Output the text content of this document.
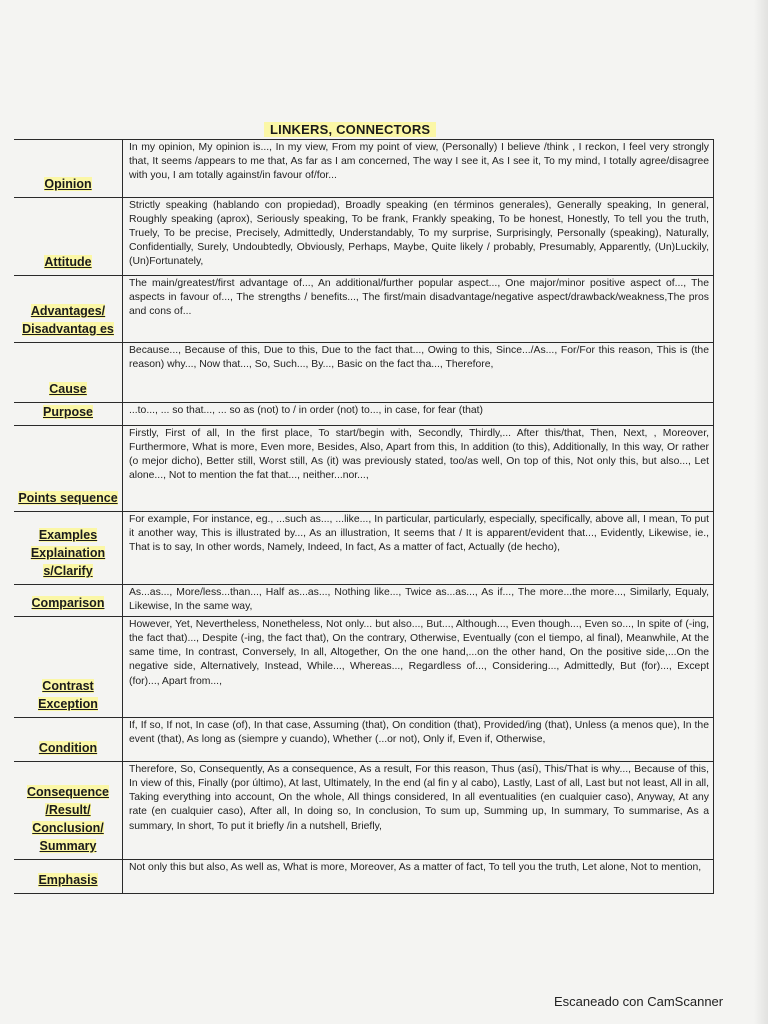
LINKERS, CONNECTORS
Opinion	In my opinion, My opinion is..., In my view, From my point of view, (Personally) I believe /think , I reckon, I feel very strongly that, It seems /appears to me that, As far as I am concerned, The way I see it, As I see it, To my mind, I totally agree/disagree with you, I am totally against/in favour of/for...
Attitude	Strictly speaking (hablando con propiedad), Broadly speaking (en términos generales), Generally speaking, In general, Roughly speaking (aprox), Seriously speaking, To be frank, Frankly speaking, To be honest, Honestly, To tell you the truth, Truely, To be precise, Precisely, Admittedly, Understandably, To my surprise, Surprisingly, Personally (speaking), Naturally, Confidentially, Surely, Undoubtedly, Obviously, Perhaps, Maybe, Quite likely / probably, Presumably, Apparently, (Un)Luckily,(Un)Fortunately,
Advantages/ Disadvantag es	The main/greatest/first advantage of..., An additional/further popular aspect..., One major/minor positive aspect of..., The aspects in favour of..., The strengths / benefits..., The first/main disadvantage/negative aspect/drawback/weakness,The pros and cons of...
Cause	Because..., Because of this, Due to this, Due to the fact that..., Owing to this, Since.../As..., For/For this reason, This is (the reason) why..., Now that..., So, Such..., By..., Basic on the fact tha..., Therefore,
Purpose	...to..., ... so that..., ... so as (not) to / in order (not) to..., in case, for fear (that)
Points sequence	Firstly, First of all, In the first place, To start/begin with, Secondly, Thirdly,... After this/that, Then, Next, , Moreover, Furthermore, What is more, Even more, Besides, Also, Apart from this, In addition (to this), Additionally, In this way, Or rather (o mejor dicho), Better still, Worst still, As (it) was previously stated, too/as well, On top of this, Not only this, but also..., Let alone..., Not to mention the fat that..., neither...nor...,
Examples Explaination s/Clarify	For example, For instance, eg., ...such as..., ...like..., In particular, particularly, especially, specifically, above all, I mean, To put it another way, This is illustrated by..., As an illustration, It seems that / It is apparent/evident that..., Evidently, Likewise, ie., That is to say, In other words, Namely, Indeed, In fact, As a matter of fact, Actually (de hecho),
Comparison	As...as..., More/less...than..., Half as...as..., Nothing like..., Twice as...as..., As if..., The more...the more..., Similarly, Equaly, Likewise, In the same way,
Contrast Exception	However, Yet, Nevertheless, Nonetheless, Not only... but also..., But..., Although..., Even though..., Even so..., In spite of (-ing, the fact that)..., Despite (-ing, the fact that), On the contrary, Otherwise, Eventually (con el tiempo, al final), Meanwhile, At the same time, In contrast, Conversely, In all, Altogether, On the one hand,...on the other hand, On the positive side,...On the negative side, Alternatively, Instead, While..., Whereas..., Regardless of..., Considering..., Admittedly, But (for)..., Except (for)..., Apart from...,
Condition	If, If so, If not, In case (of), In that case, Assuming (that), On condition (that), Provided/ing (that), Unless (a menos que), In the event (that), As long as (siempre y cuando), Whether (...or not), Only if, Even if, Otherwise,
Consequence /Result/ Conclusion/ Summary	Therefore, So, Consequently, As a consequence, As a result, For this reason, Thus (así), This/That is why..., Because of this, In view of this, Finally (por último), At last, Ultimately, In the end (al fin y al cabo), Lastly, Last of all, Last but not least, All in all, Taking everything into account, On the whole, All things considered, In all eventualities (en cualquier caso), Anyway, At any rate (en cualquier caso), After all, In doing so, In conclusion, To sum up, Summing up, In summary, To summarise, As a summary, In short, To put it briefly /in a nutshell, Briefly,
Emphasis	Not only this but also, As well as, What is more, Moreover, As a matter of fact, To tell you the truth, Let alone, Not to mention,
Escaneado con CamScanner
